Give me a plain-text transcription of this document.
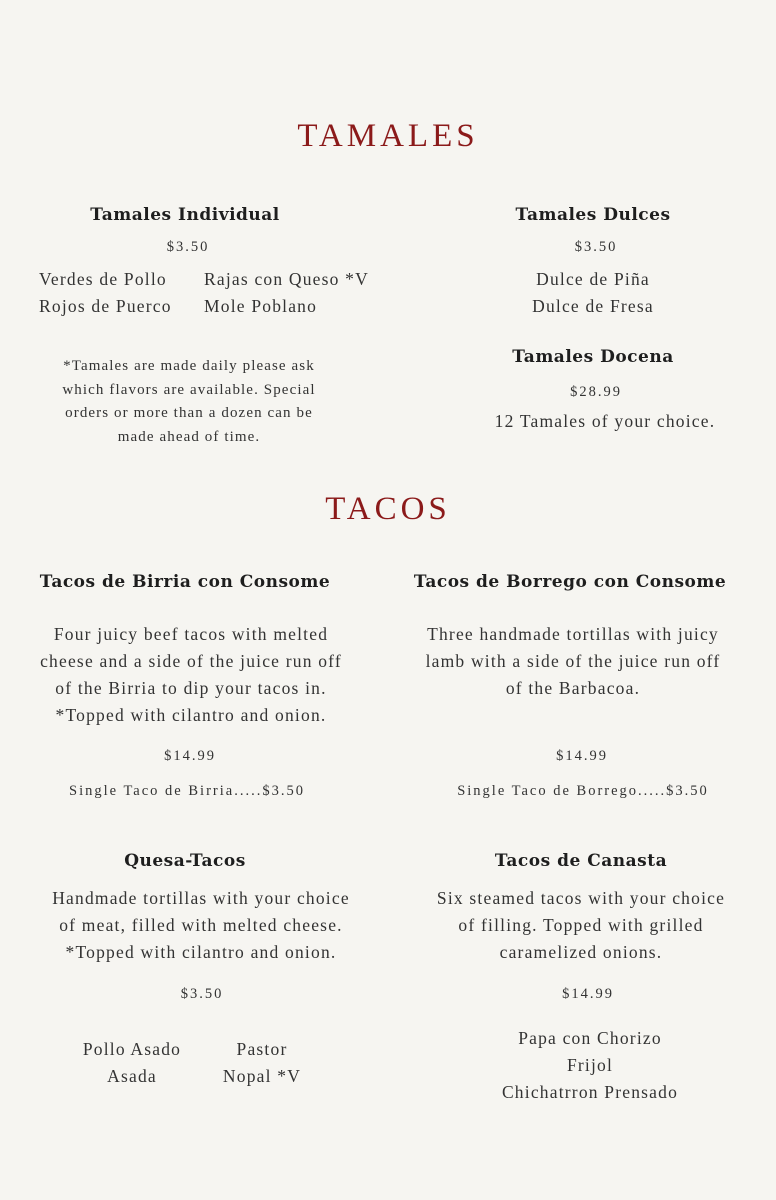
TAMALES
Tamales Individual
$3.50
Verdes de Pollo
Rojos de Puerco
Rajas con Queso *V
Mole Poblano
*Tamales are made daily please ask
which flavors are available. Special
orders or more than a dozen can be
made ahead of time.
Tamales Dulces
$3.50
Dulce de Piña
Dulce de Fresa
Tamales Docena
$28.99
12 Tamales of your choice.
TACOS
Tacos de Birria con Consome
Four juicy beef tacos with melted
cheese and a side of the juice run off
of the Birria to dip your tacos in.
*Topped with cilantro and onion.
$14.99
Single Taco de Birria.....$3.50
Tacos de Borrego con Consome
Three handmade tortillas with juicy
lamb with a side of the juice run off
of the Barbacoa.
$14.99
Single Taco de Borrego.....$3.50
Quesa-Tacos
Handmade tortillas with your choice
of meat, filled with melted cheese.
*Topped with cilantro and onion.
$3.50
Pollo Asado
Asada
Pastor
Nopal *V
Tacos de Canasta
Six steamed tacos with your choice
of filling. Topped with grilled
caramelized onions.
$14.99
Papa con Chorizo
Frijol
Chichatrron Prensado
